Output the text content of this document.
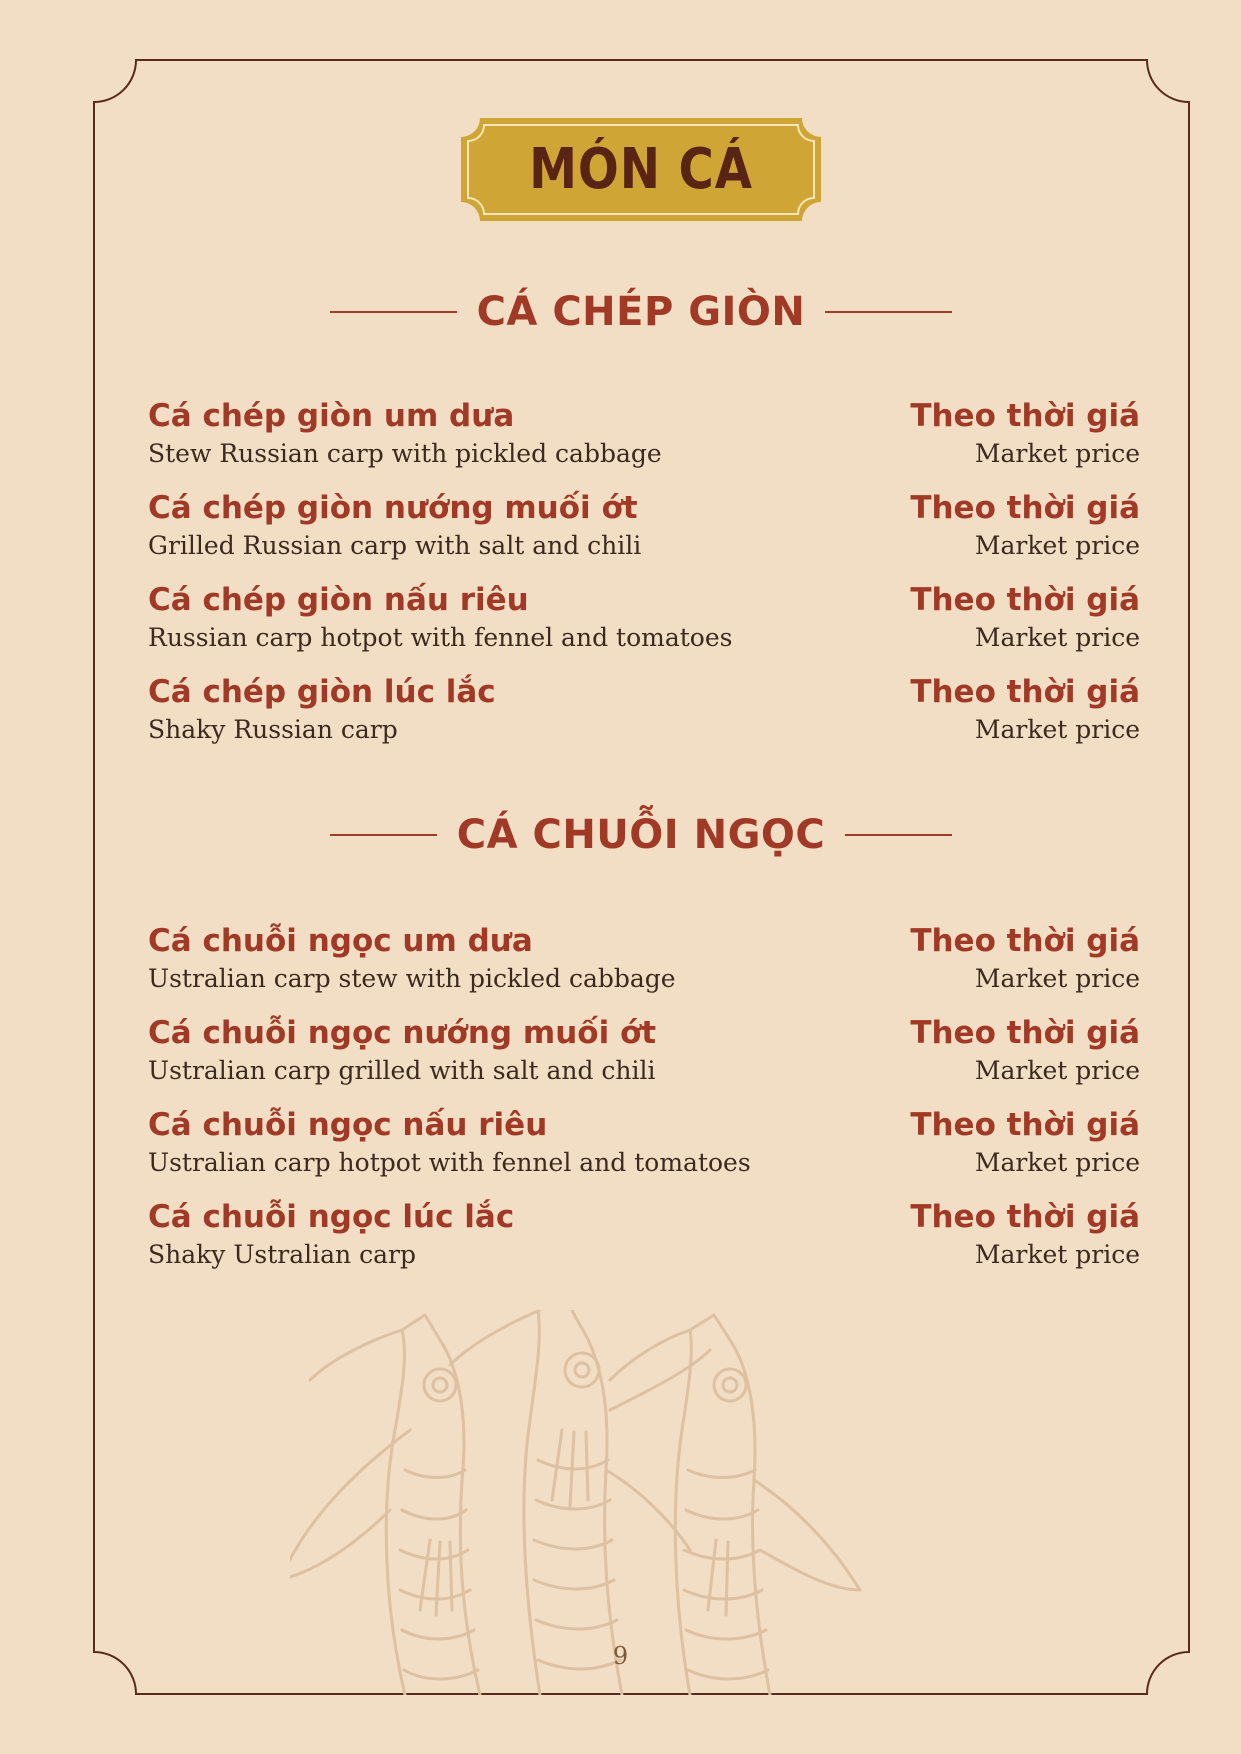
MÓN CÁ
CÁ CHÉP GIÒN
Cá chép giòn um dưa
Stew Russian carp with pickled cabbage
Theo thời giá
Market price
Cá chép giòn nướng muối ớt
Grilled Russian carp with salt and chili
Theo thời giá
Market price
Cá chép giòn nấu riêu
Russian carp hotpot with fennel and tomatoes
Theo thời giá
Market price
Cá chép giòn lúc lắc
Shaky Russian carp
Theo thời giá
Market price
CÁ CHUỖI NGỌC
Cá chuỗi ngọc um dưa
Ustralian carp stew with pickled cabbage
Theo thời giá
Market price
Cá chuỗi ngọc nướng muối ớt
Ustralian carp grilled with salt and chili
Theo thời giá
Market price
Cá chuỗi ngọc nấu riêu
Ustralian carp hotpot with fennel and tomatoes
Theo thời giá
Market price
Cá chuỗi ngọc lúc lắc
Shaky Ustralian carp
Theo thời giá
Market price
9
